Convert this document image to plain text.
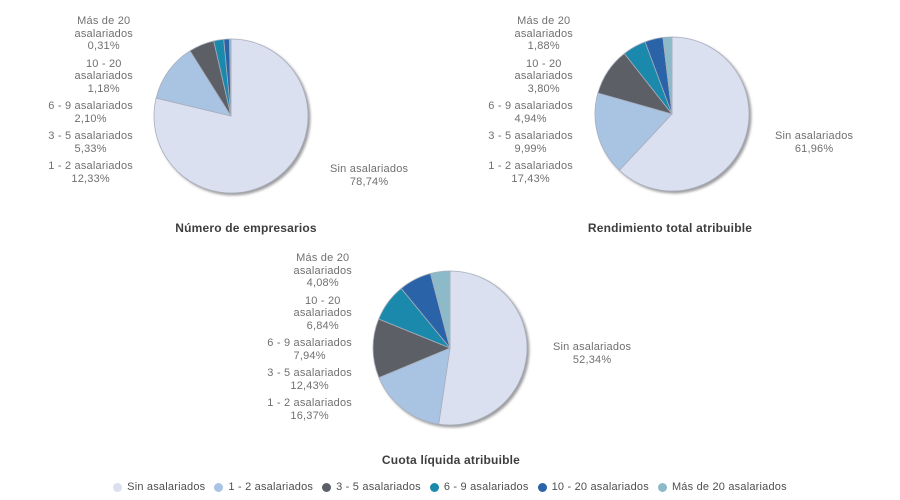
Más de 20
asalariados
0,31%
10 - 20
asalariados
1,18%
6 - 9 asalariados
2,10%
3 - 5 asalariados
5,33%
1 - 2 asalariados
12,33%
Sin asalariados
78,74%
Número de empresarios
Más de 20
asalariados
1,88%
10 - 20
asalariados
3,80%
6 - 9 asalariados
4,94%
3 - 5 asalariados
9,99%
1 - 2 asalariados
17,43%
Sin asalariados
61,96%
Rendimiento total atribuible
Más de 20
asalariados
4,08%
10 - 20
asalariados
6,84%
6 - 9 asalariados
7,94%
3 - 5 asalariados
12,43%
1 - 2 asalariados
16,37%
Sin asalariados
52,34%
Cuota líquida atribuible
Sin asalariados 1 - 2 asalariados 3 - 5 asalariados 6 - 9 asalariados 10 - 20 asalariados Más de 20 asalariados
